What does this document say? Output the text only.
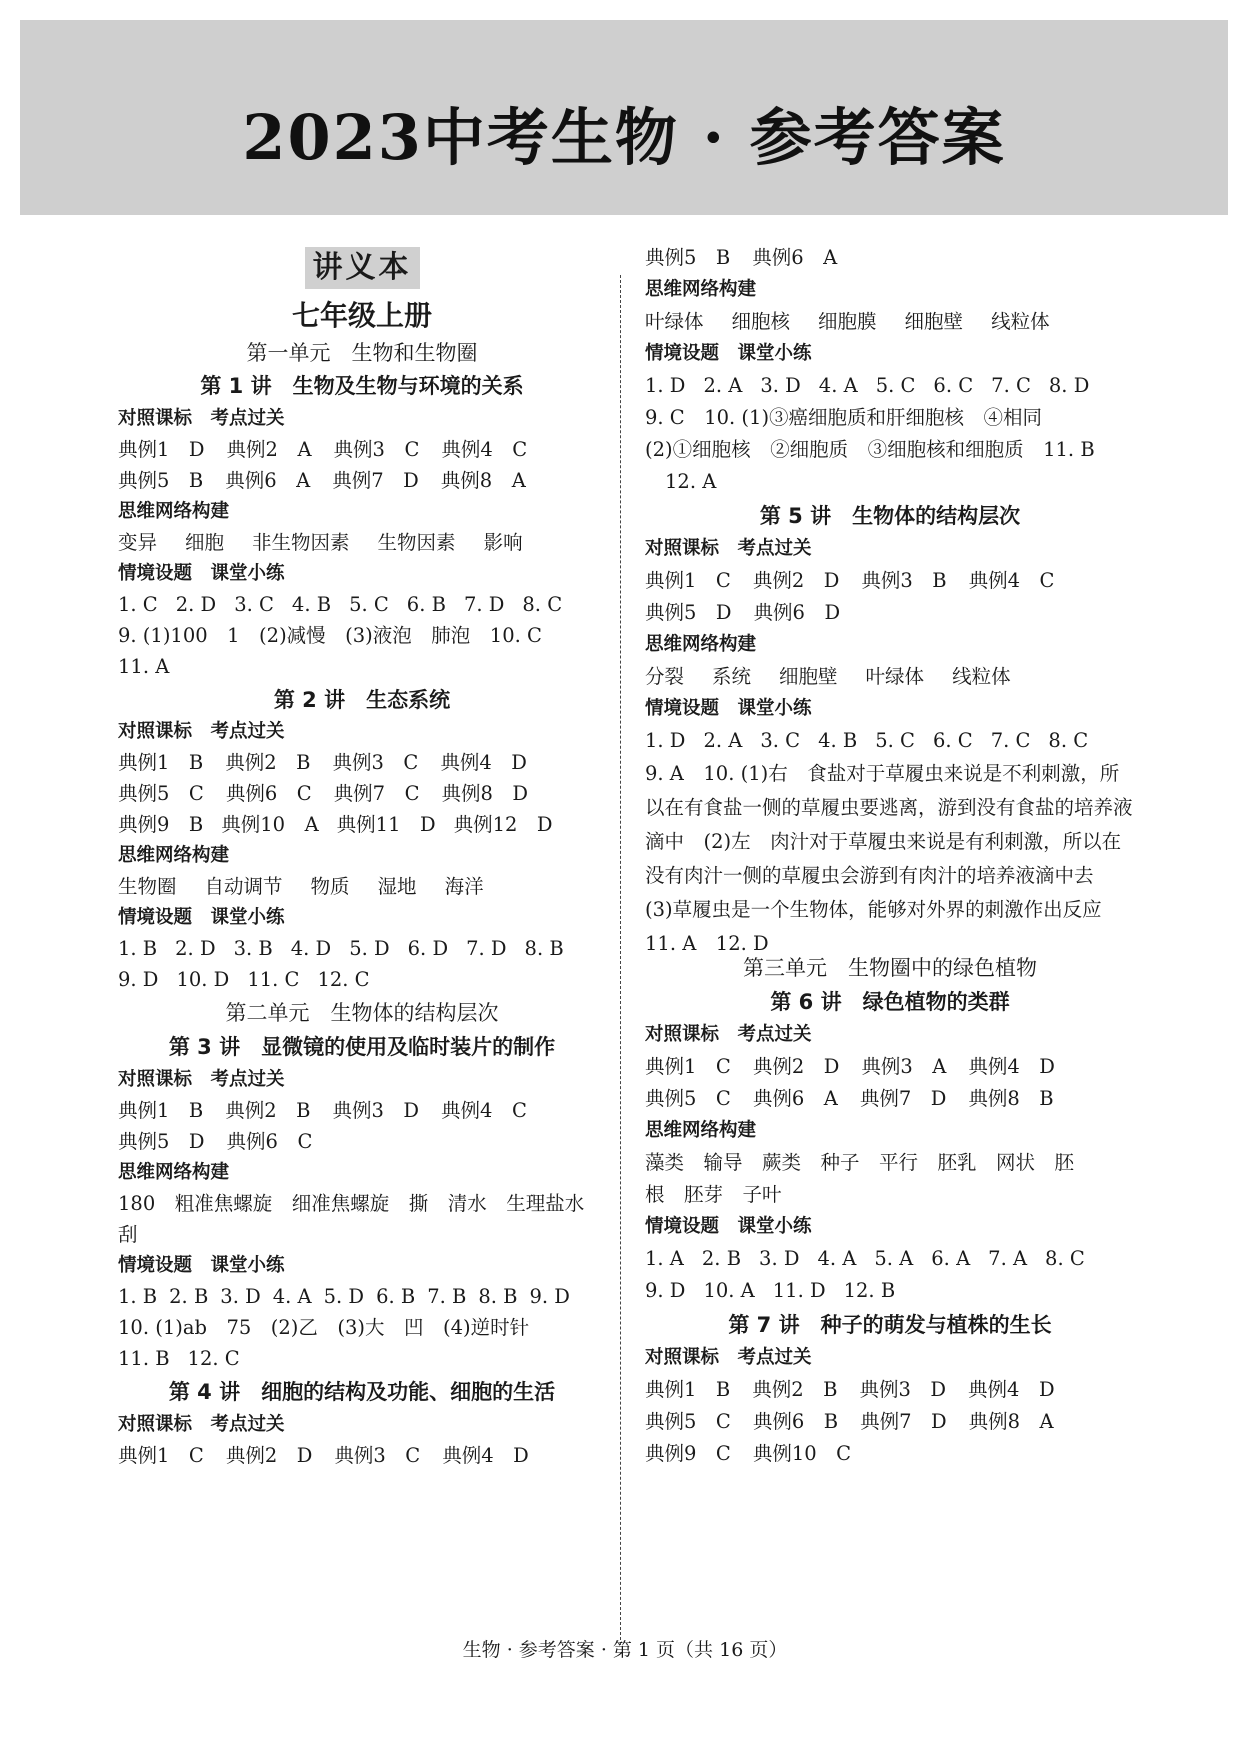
2023中考生物 · 参考答案
讲义本
七年级上册
第一单元　生物和生物圈
第 1 讲　生物及生物与环境的关系
对照课标　考点过关
典例1　D 典例2　A 典例3　C 典例4　C
典例5　B 典例6　A 典例7　D 典例8　A
思维网络构建
变异 细胞 非生物因素 生物因素 影响
情境设题　课堂小练
1. C 2. D 3. C 4. B 5. C 6. B 7. D 8. C
9. (1)100　1　(2)减慢　(3)液泡　肺泡　10. C
11. A
第 2 讲　生态系统
对照课标　考点过关
典例1　B 典例2　B 典例3　C 典例4　D
典例5　C 典例6　C 典例7　C 典例8　D
典例9　B 典例10　A 典例11　D 典例12　D
思维网络构建
生物圈 自动调节 物质 湿地 海洋
情境设题　课堂小练
1. B 2. D 3. B 4. D 5. D 6. D 7. D 8. B
9. D 10. D 11. C 12. C
第二单元　生物体的结构层次
第 3 讲　显微镜的使用及临时装片的制作
对照课标　考点过关
典例1　B 典例2　B 典例3　D 典例4　C
典例5　D 典例6　C
思维网络构建
180　粗准焦螺旋　细准焦螺旋　撕　清水　生理盐水
刮
情境设题　课堂小练
1. B 2. B 3. D 4. A 5. D 6. B 7. B 8. B 9. D
10. (1)ab　75　(2)乙　(3)大　凹　(4)逆时针
11. B 12. C
第 4 讲　细胞的结构及功能、细胞的生活
对照课标　考点过关
典例1　C 典例2　D 典例3　C 典例4　D
典例5　B 典例6　A
思维网络构建
叶绿体 细胞核 细胞膜 细胞壁 线粒体
情境设题　课堂小练
1. D 2. A 3. D 4. A 5. C 6. C 7. C 8. D
9. C　10. (1)③癌细胞质和肝细胞核　④相同
(2)①细胞核　②细胞质　③细胞核和细胞质　11. B
12. A
第 5 讲　生物体的结构层次
对照课标　考点过关
典例1　C 典例2　D 典例3　B 典例4　C
典例5　D 典例6　D
思维网络构建
分裂 系统 细胞壁 叶绿体 线粒体
情境设题　课堂小练
1. D 2. A 3. C 4. B 5. C 6. C 7. C 8. C
9. A　10. (1)右　食盐对于草履虫来说是不利刺激，所以在有食盐一侧的草履虫要逃离，游到没有食盐的培养液滴中　(2)左　肉汁对于草履虫来说是有利刺激，所以在没有肉汁一侧的草履虫会游到有肉汁的培养液滴中去　(3)草履虫是一个生物体，能够对外界的刺激作出反应　11. A　12. D
第三单元　生物圈中的绿色植物
第 6 讲　绿色植物的类群
对照课标　考点过关
典例1　C 典例2　D 典例3　A 典例4　D
典例5　C 典例6　A 典例7　D 典例8　B
思维网络构建
藻类　输导　蕨类　种子　平行　胚乳　网状　胚
根　胚芽　子叶
情境设题　课堂小练
1. A 2. B 3. D 4. A 5. A 6. A 7. A 8. C
9. D 10. A 11. D 12. B
第 7 讲　种子的萌发与植株的生长
对照课标　考点过关
典例1　B 典例2　B 典例3　D 典例4　D
典例5　C 典例6　B 典例7　D 典例8　A
典例9　C 典例10　C
生物 · 参考答案 · 第 1 页（共 16 页）
